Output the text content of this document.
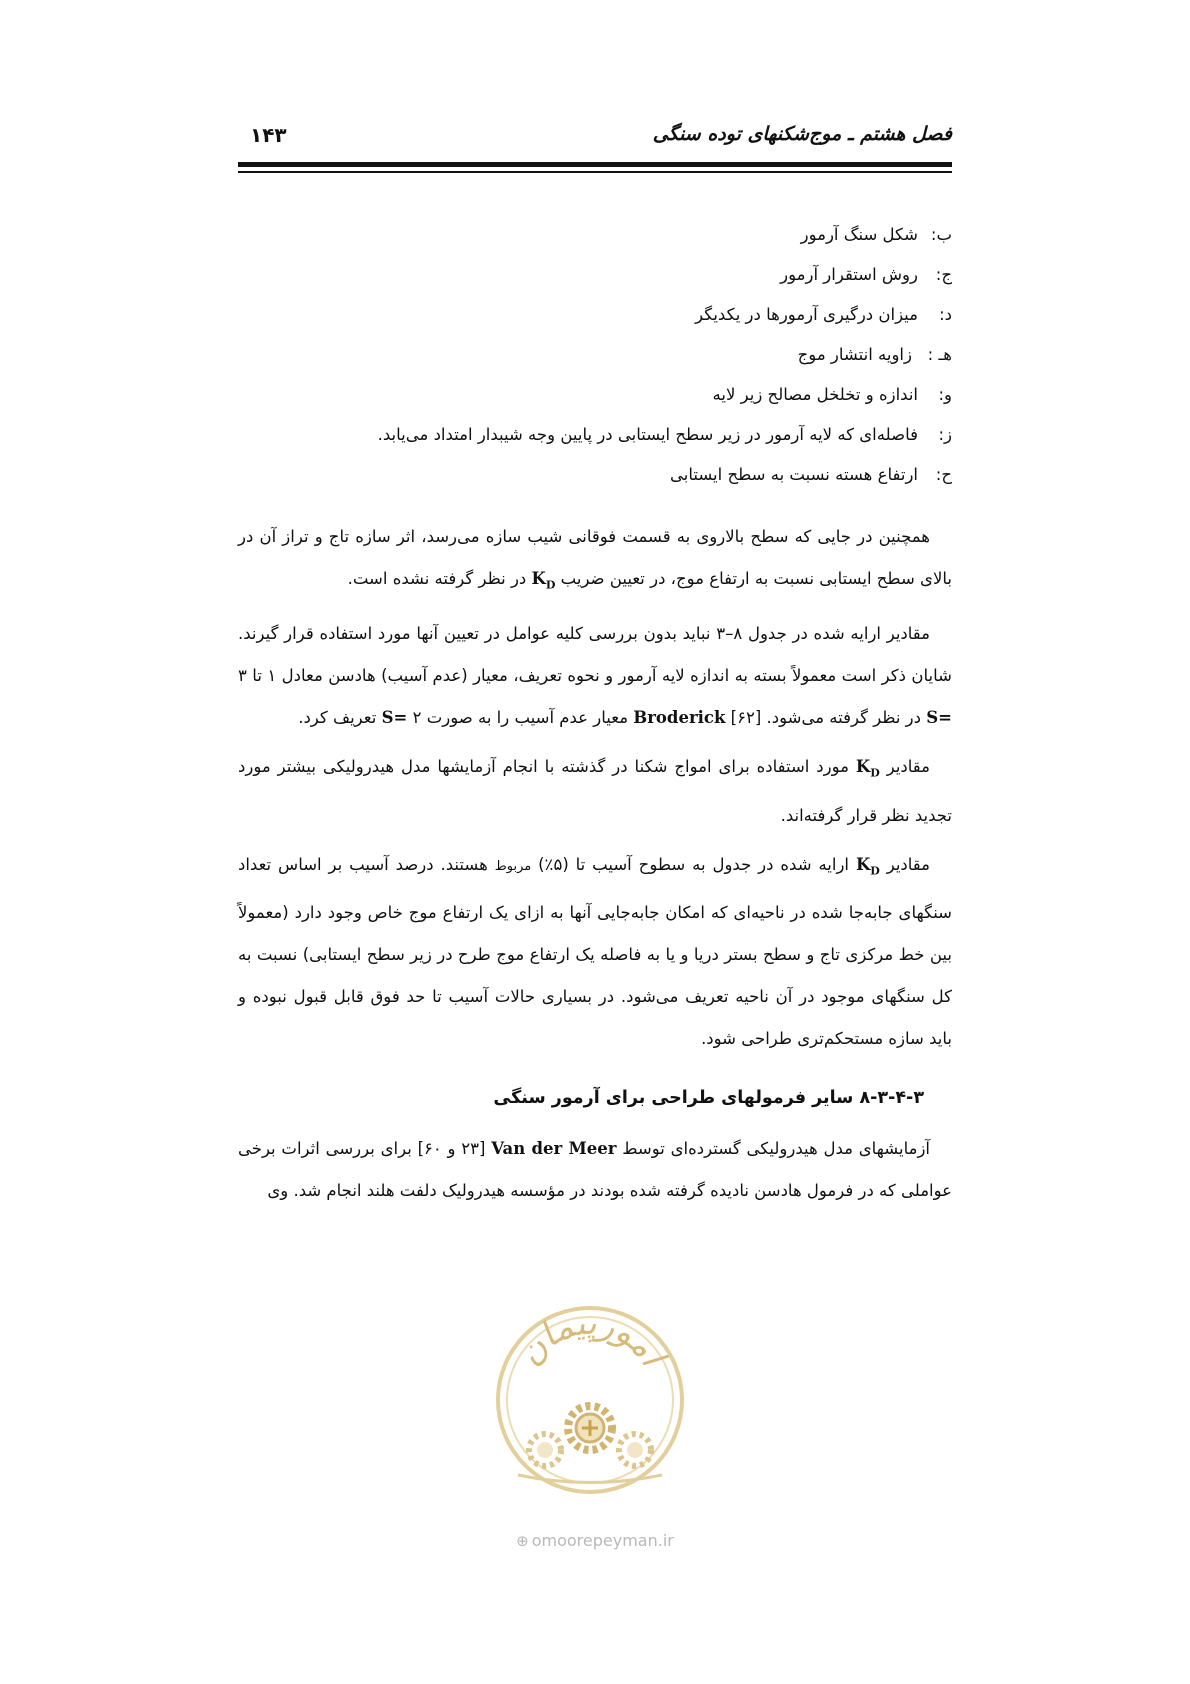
فصل هشتم ـ موج‌شکنهای توده سنگی
۱۴۳
ب:شکل سنگ آرمور
ج:روش استقرار آرمور
د:میزان درگیری آرمورها در یکدیگر
هـ :زاویه انتشار موج
و:اندازه و تخلخل مصالح زیر لایه
ز:فاصله‌ای که لایه آرمور در زیر سطح ایستابی در پایین وجه شیبدار امتداد می‌یابد.
ح:ارتفاع هسته نسبت به سطح ایستابی

همچنین در جایی که سطح بالاروی به قسمت فوقانی شیب سازه می‌رسد، اثر سازه تاج و تراز آن در بالای سطح ایستابی نسبت به ارتفاع موج، در تعیین ضریب $K_D$ در نظر گرفته نشده است.

مقادیر ارایه شده در جدول ۸–۳ نباید بدون بررسی کلیه عوامل در تعیین آنها مورد استفاده قرار گیرند. شایان ذکر است معمولاً بسته به اندازه لایه آرمور و نحوه تعریف، معیار (عدم آسیب) هادسن معادل ۱ تا ۳ S= در نظر گرفته می‌شود. Broderick [۶۲] معیار عدم آسیب را به صورت ۲ S= تعریف کرد.

مقادیر $K_D$ مورد استفاده برای امواج شکنا در گذشته با انجام آزمایشها مدل هیدرولیکی بیشتر مورد تجدید نظر قرار گرفته‌اند.

مقادیر $K_D$ ارایه شده در جدول به سطوح آسیب تا (۵٪) مربوط هستند. درصد آسیب بر اساس تعداد سنگهای جابه‌جا شده در ناحیه‌ای که امکان جابه‌جایی آنها به ازای یک ارتفاع موج خاص وجود دارد (معمولاً بین خط مرکزی تاج و سطح بستر دریا و یا به فاصله یک ارتفاع موج طرح در زیر سطح ایستابی) نسبت به کل سنگهای موجود در آن ناحیه تعریف می‌شود. در بسیاری حالات آسیب تا حد فوق قابل قبول نبوده و باید سازه مستحکم‌تری طراحی شود.

۸-۳-۴-۳ سایر فرمولهای طراحی برای آرمور سنگی

آزمایشهای مدل هیدرولیکی گسترده‌ای توسط Van der Meer [۲۳ و ۶۰] برای بررسی اثرات برخی عواملی که در فرمول هادسن نادیده گرفته شده بودند در مؤسسه هیدرولیک دلفت هلند انجام شد. وی

امورپیمان
⊕ omoorepeyman.ir
